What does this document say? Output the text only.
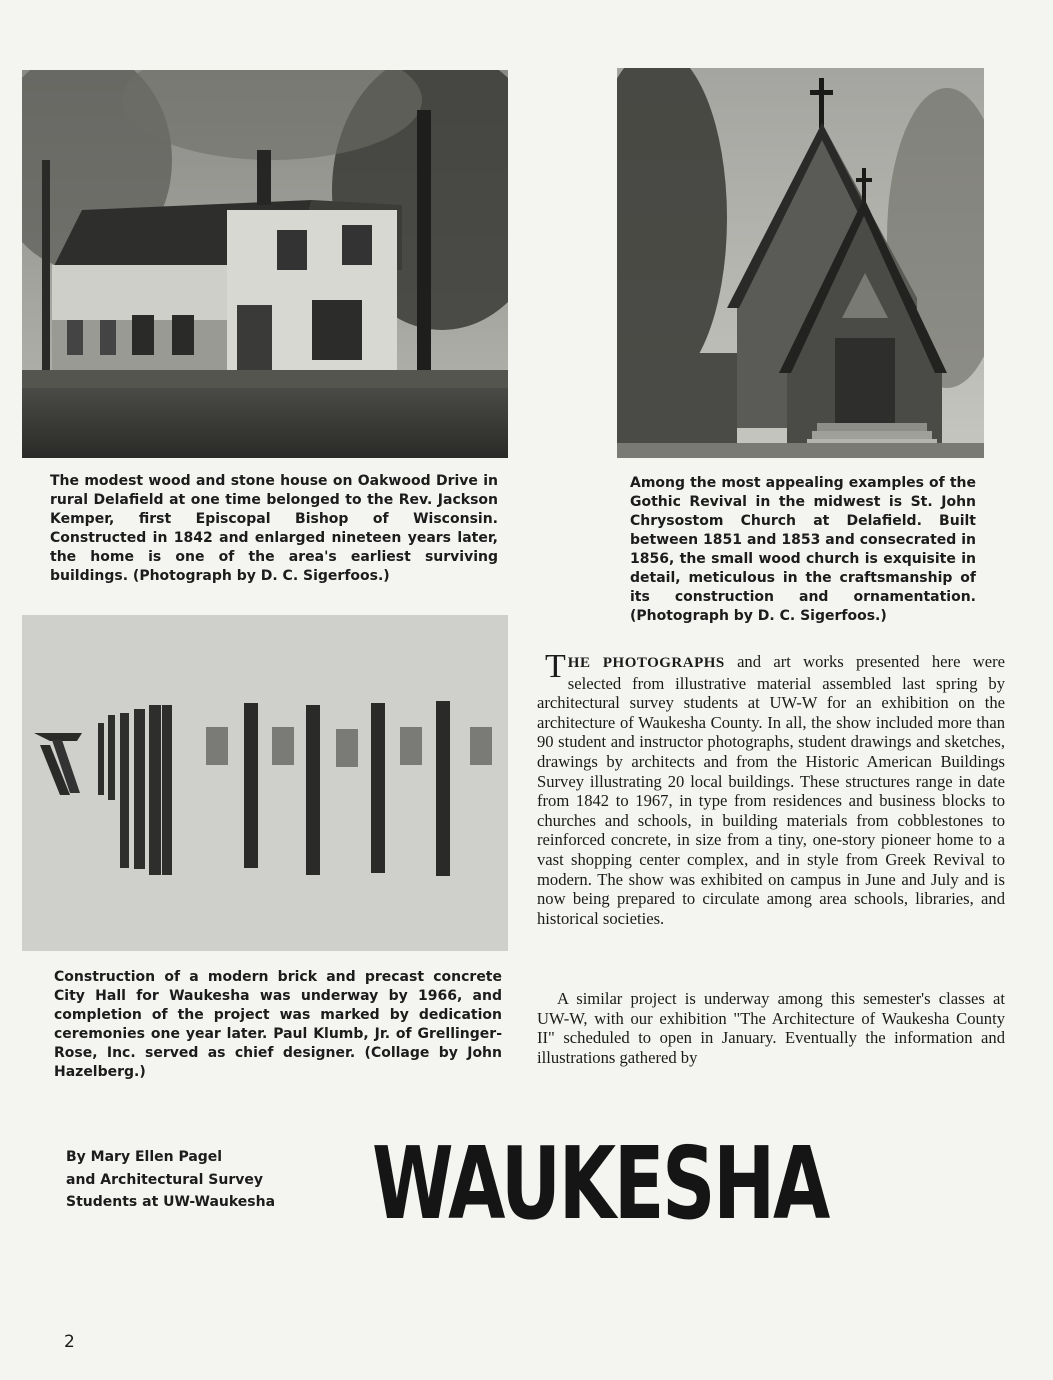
The modest wood and stone house on Oakwood Drive in rural Delafield at one time belonged to the Rev. Jackson Kemper, first Episcopal Bishop of Wisconsin. Constructed in 1842 and enlarged nineteen years later, the home is one of the area's earliest surviving buildings. (Photograph by D. C. Sigerfoos.)

Among the most appealing examples of the Gothic Revival in the midwest is St. John Chrysostom Church at Delafield. Built between 1851 and 1853 and consecrated in 1856, the small wood church is exquisite in detail, meticulous in the craftsmanship of its construction and ornamentation. (Photograph by D. C. Sigerfoos.)

Construction of a modern brick and precast concrete City Hall for Waukesha was underway by 1966, and completion of the project was marked by dedication ceremonies one year later. Paul Klumb, Jr. of Grellinger-Rose, Inc. served as chief designer. (Collage by John Hazelberg.)

THE PHOTOGRAPHS and art works presented here were selected from illustrative material assembled last spring by architectural survey students at UW-W for an exhibition on the architecture of Waukesha County. In all, the show included more than 90 student and instructor photographs, student drawings and sketches, drawings by architects and from the Historic American Buildings Survey illustrating 20 local buildings. These structures range in date from 1842 to 1967, in type from residences and business blocks to churches and schools, in building materials from cobblestones to reinforced concrete, in size from a tiny, one-story pioneer home to a vast shopping center complex, and in style from Greek Revival to modern. The show was exhibited on campus in June and July and is now being prepared to circulate among area schools, libraries, and historical societies.

A similar project is underway among this semester's classes at UW-W, with our exhibition "The Architecture of Waukesha County II" scheduled to open in January. Eventually the information and illustrations gathered by

By Mary Ellen Pagel
and Architectural Survey
Students at UW-Waukesha WAUKESHA

2
